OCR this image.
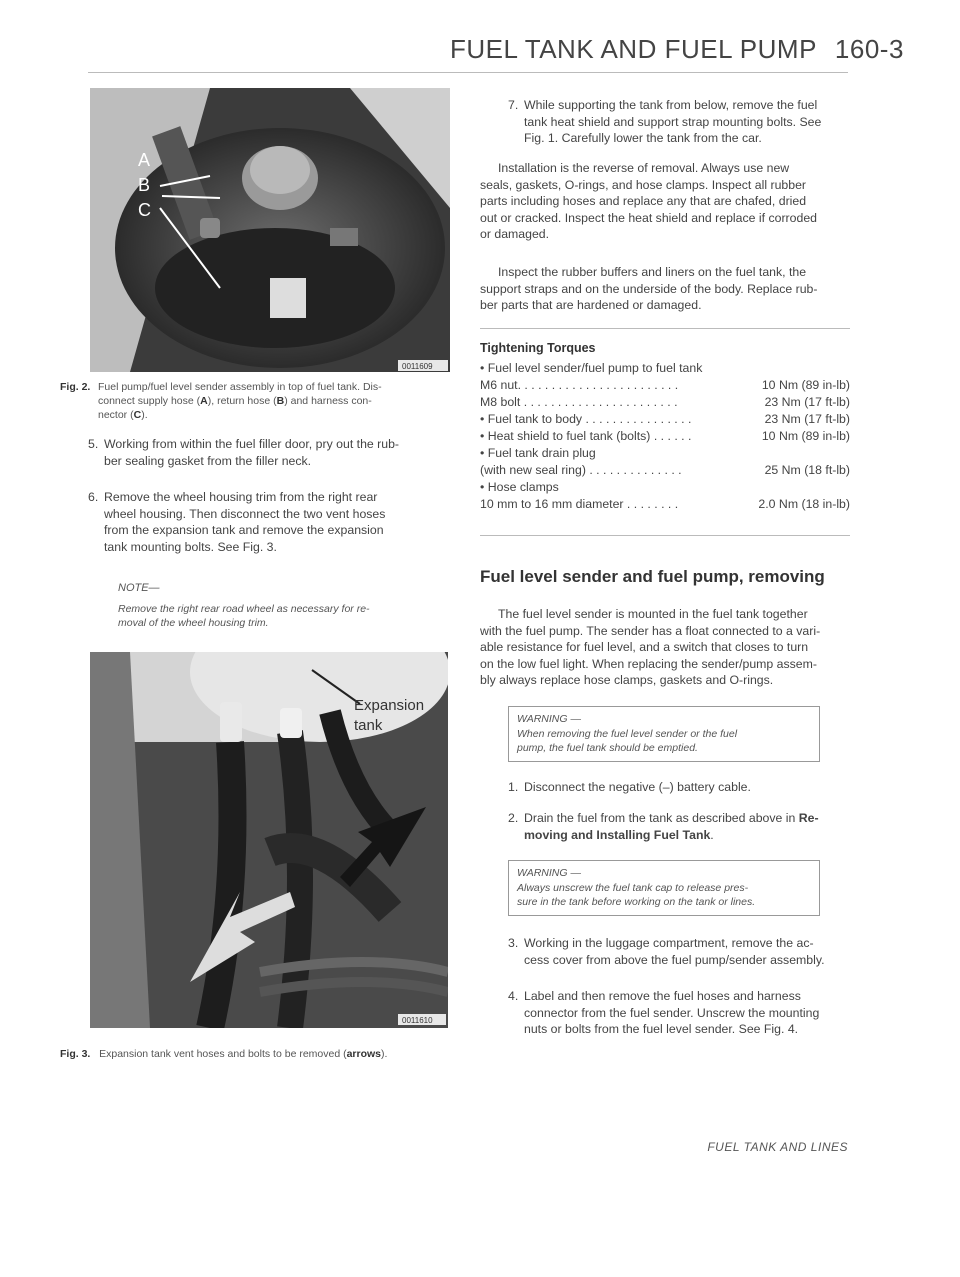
FUEL TANK AND FUEL PUMP 160-3
A
B
C
0011609
Fig. 2. Fuel pump/fuel level sender assembly in top of fuel tank. Dis-
connect supply hose (A), return hose (B) and harness con-
nector (C).
5. Working from within the fuel filler door, pry out the rub-
ber sealing gasket from the filler neck.
6. Remove the wheel housing trim from the right rear
wheel housing. Then disconnect the two vent hoses
from the expansion tank and remove the expansion
tank mounting bolts. See Fig. 3.
NOTE—
Remove the right rear road wheel as necessary for re-
moval of the wheel housing trim.
Expansion
tank
0011610
Fig. 3. Expansion tank vent hoses and bolts to be removed (arrows).
7. While supporting the tank from below, remove the fuel
tank heat shield and support strap mounting bolts. See
Fig. 1. Carefully lower the tank from the car.
Installation is the reverse of removal. Always use new
seals, gaskets, O-rings, and hose clamps. Inspect all rubber
parts including hoses and replace any that are chafed, dried
out or cracked. Inspect the heat shield and replace if corroded
or damaged.
Inspect the rubber buffers and liners on the fuel tank, the
support straps and on the underside of the body. Replace rub-
ber parts that are hardened or damaged.
Tightening Torques
• Fuel level sender/fuel pump to fuel tank
M6 nut. . . . . . . . . . . . . . . . . . . . . . . .	10 Nm (89 in-lb)
M8 bolt . . . . . . . . . . . . . . . . . . . . . . .	23 Nm (17 ft-lb)
• Fuel tank to body . . . . . . . . . . . . . . . .	23 Nm (17 ft-lb)
• Heat shield to fuel tank (bolts) . . . . . .	10 Nm (89 in-lb)
• Fuel tank drain plug
(with new seal ring) . . . . . . . . . . . . . .	25 Nm (18 ft-lb)
• Hose clamps
10 mm to 16 mm diameter . . . . . . . .	2.0 Nm (18 in-lb)
Fuel level sender and fuel pump, removing
The fuel level sender is mounted in the fuel tank together
with the fuel pump. The sender has a float connected to a vari-
able resistance for fuel level, and a switch that closes to turn
on the low fuel light. When replacing the sender/pump assem-
bly always replace hose clamps, gaskets and O-rings.
WARNING —
When removing the fuel level sender or the fuel
pump, the fuel tank should be emptied.
1. Disconnect the negative (–) battery cable.
2. Drain the fuel from the tank as described above in Re-
moving and Installing Fuel Tank.
WARNING —
Always unscrew the fuel tank cap to release pres-
sure in the tank before working on the tank or lines.
3. Working in the luggage compartment, remove the ac-
cess cover from above the fuel pump/sender assembly.
4. Label and then remove the fuel hoses and harness
connector from the fuel sender. Unscrew the mounting
nuts or bolts from the fuel level sender. See Fig. 4.
FUEL TANK AND LINES
